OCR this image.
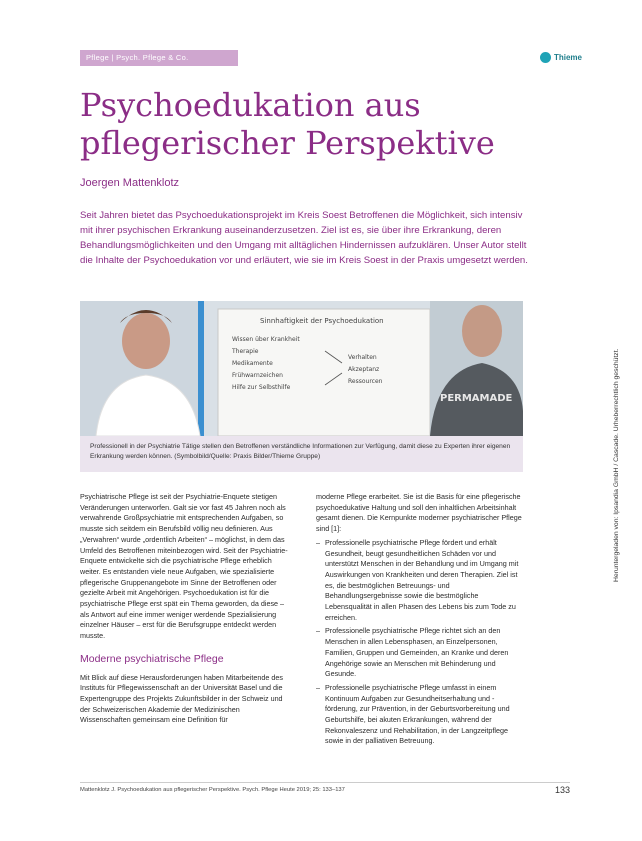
Pflege | Psych. Pflege & Co.	Thieme
Psychoedukation aus pflegerischer Perspektive
Joergen Mattenklotz
Seit Jahren bietet das Psychoedukationsprojekt im Kreis Soest Betroffenen die Möglichkeit, sich intensiv mit ihrer psychischen Erkrankung auseinanderzusetzen. Ziel ist es, sie über ihre Erkrankung, deren Behandlungsmöglichkeiten und den Umgang mit alltäglichen Hindernissen aufzuklären. Unser Autor stellt die Inhalte der Psychoedukation vor und erläutert, wie sie im Kreis Soest in der Praxis umgesetzt werden.
PERMAMADE
Sinnhaftigkeit der Psychoedukation
Wissen über Krankheit
Therapie
Medikamente
Frühwarnzeichen
Hilfe zur Selbsthilfe
Verhalten
Akzeptanz
Ressourcen
Professionell in der Psychiatrie Tätige stellen den Betroffenen verständliche Informationen zur Verfügung, damit diese zu Experten ihrer eigenen Erkrankung werden können. (Symbolbild/Quelle: Praxis Bilder/Thieme Gruppe)

Psychiatrische Pflege ist seit der Psychiatrie-Enquete stetigen Veränderungen unterworfen. Galt sie vor fast 45 Jahren noch als verwahrende Großpsychiatrie mit entsprechenden Aufgaben, so musste sich seitdem ein Berufsbild völlig neu definieren. Aus „Verwahren“ wurde „ordentlich Arbeiten“ – möglichst, in dem das Umfeld des Betroffenen miteinbezogen wird. Seit der Psychiatrie-Enquete entwickelte sich die psychiatrische Pflege erheblich weiter. Es entstanden viele neue Aufgaben, wie spezialisierte pflegerische Gruppenangebote im Sinne der Betroffenen oder gezielte Arbeit mit Angehörigen. Psychoedukation ist für die psychiatrische Pflege erst spät ein Thema geworden, da diese – als Antwort auf eine immer weniger werdende Spezialisierung einzelner Häuser – erst für die Berufsgruppe entdeckt werden musste.

Moderne psychiatrische Pflege

Mit Blick auf diese Herausforderungen haben Mitarbeitende des Instituts für Pflegewissenschaft an der Universität Basel und die Expertengruppe des Projekts Zukunftsbilder in der Schweiz und der Schweizerischen Akademie der Medizinischen Wissenschaften gemeinsam eine Definition für

moderne Pflege erarbeitet. Sie ist die Basis für eine pflegerische psychoedukative Haltung und soll den inhaltlichen Arbeitsinhalt gesamt dienen. Die Kernpunkte moderner psychiatrischer Pflege sind [1]:

– Professionelle psychiatrische Pflege fördert und erhält Gesundheit, beugt gesundheitlichen Schäden vor und unterstützt Menschen in der Behandlung und im Umgang mit Auswirkungen von Krankheiten und deren Therapien. Ziel ist es, die bestmöglichen Betreuungs- und Behandlungsergebnisse sowie die bestmögliche Lebensqualität in allen Phasen des Lebens bis zum Tode zu erreichen.
– Professionelle psychiatrische Pflege richtet sich an den Menschen in allen Lebensphasen, an Einzelpersonen, Familien, Gruppen und Gemeinden, an Kranke und deren Angehörige sowie an Menschen mit Behinderung und Gesunde.
– Professionelle psychiatrische Pflege umfasst in einem Kontinuum Aufgaben zur Gesundheitserhaltung und -förderung, zur Prävention, in der Geburtsvorbereitung und Geburtshilfe, bei akuten Erkrankungen, während der Rekonvaleszenz und Rehabilitation, in der Langzeitpflege sowie in der palliativen Betreuung.
Heruntergeladen von: Ipsandia GmbH / Cascade. Urheberrechtlich geschützt.
Mattenklotz J. Psychoedukation aus pflegerischer Perspektive. Psych. Pflege Heute 2019; 25: 133–137	133
